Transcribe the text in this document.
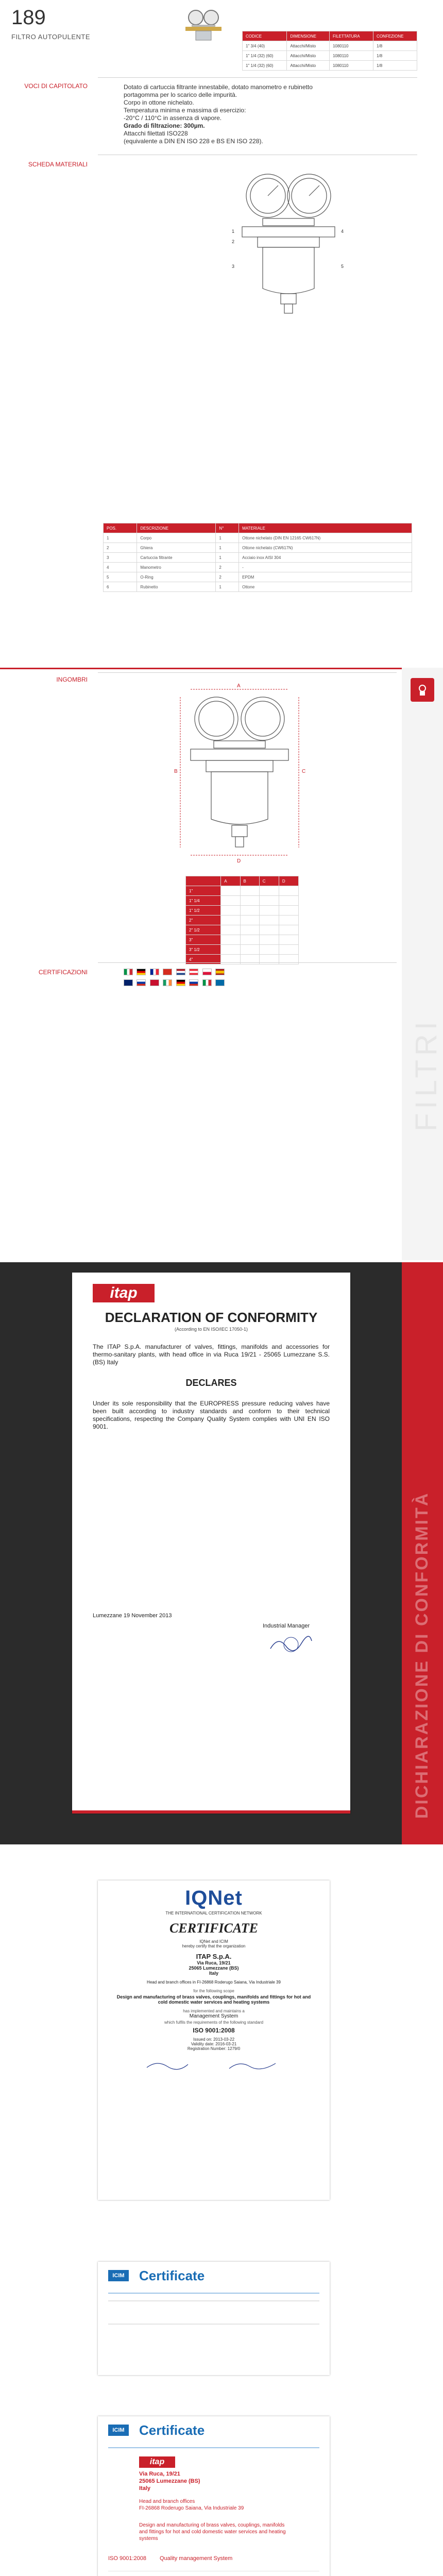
189
FILTRO AUTOPULENTE	CODICE	DIMENSIONE	FILETTATURA	CONFEZIONE
1" 3/4 (40)	Attacchi/Misto	1080110	1/8
1" 1/4 (32) (60)	Attacchi/Misto	1080110	1/8
1" 1/4 (32) (60)	Attacchi/Misto	1080110	1/8
VOCI DI CAPITOLATO	Dotato di cartuccia filtrante innestabile, dotato manometro e rubinetto

portagomma per lo scarico delle impurità.

Corpo in ottone nichelato.

Temperatura minima e massima di esercizio:

-20°C / 110°C in assenza di vapore.

Grado di filtrazione: 300µm.

Attacchi filettati ISO228

(equivalente a DIN EN ISO 228 e BS EN ISO 228).

SCHEDA MATERIALI
1
2
3
4
5
POS.	DESCRIZIONE	N°	MATERIALE
1	Corpo	1	Ottone nichelato (DIN EN 12165 CW617N)
2	Ghiera	1	Ottone nichelato (CW617N)
3	Cartuccia filtrante	1	Acciaio inox AISI 304
4	Manometro	2	-
5	O-Ring	2	EPDM
6	Rubinetto	1	Ottone
INGOMBRI
FILTRI
A
B	C
D
	A	B	C	D
1"				
1" 1/4				
1" 1/2				
2"				
2" 1/2				
3"				
3" 1/2				
4"				
CERTIFICAZIONI

DICHIARAZIONE DI CONFORMITÀ
itap
DECLARATION OF CONFORMITY
(According to EN ISO/IEC 17050-1)
The ITAP S.p.A. manufacturer of valves, fittings, manifolds and accessories for thermo-sanitary plants, with head office in via Ruca 19/21 - 25065 Lumezzane S.S. (BS) Italy
DECLARES
Under its sole responsibility that the EUROPRESS pressure reducing valves have been built according to industry standards and conform to their technical specifications, respecting the Company Quality System complies with UNI EN ISO 9001.
Lumezzane 19 November 2013
Industrial Manager
IQNet
THE INTERNATIONAL CERTIFICATION NETWORK
CERTIFICATE
IQNet and ICIM
hereby certify that the organization
ITAP S.p.A.
Via Ruca, 19/21
25065 Lumezzane (BS)
Italy
Head and branch offices in FI-26868 Roderugo Saiana, Via Industriale 39
for the following scope
Design and manufacturing of brass valves, couplings, manifolds and fittings for hot and cold domestic water services and heating systems
has implemented and maintains a
Management System
which fulfils the requirements of the following standard
ISO 9001:2008
Issued on: 2013-03-22
Validity date: 2016-03-21
Registration Number: 1279/0
ICIM	Certificate
ICIM	Certificate
itap
Via Ruca, 19/21
25065 Lumezzane (BS)
Italy
Head and branch offices
FI-26868 Roderugo Saiana, Via Industriale 39
Design and manufacturing of brass valves, couplings, manifolds and fittings for hot and cold domestic water services and heating systems
ISO 9001:2008 Quality management System
